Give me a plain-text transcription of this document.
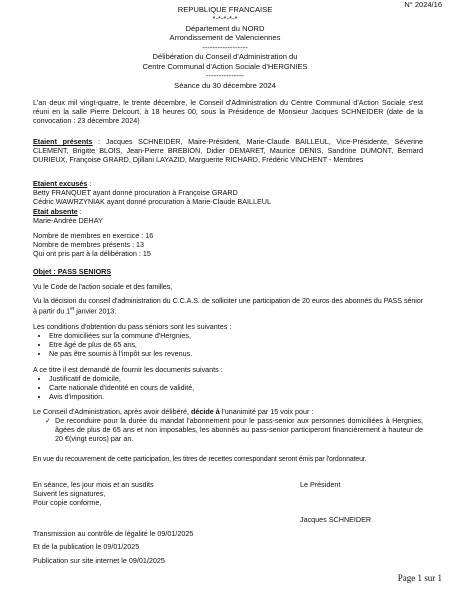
N° 2024/16
REPUBLIQUE FRANCAISE
*-*-*-*-*
Département du NORD
Arrondissement de Valenciennes
------------------
Délibération du Conseil d'Administration du
Centre Communal d'Action Sociale d'HERGNIES
---------------
Séance du 30 décembre 2024
L'an deux mil vingt-quatre, le trente décembre, le Conseil d'Administration du Centre Communal d'Action Sociale s'est réuni en la salle Pierre Delcourt, à 18 heures 00, sous la Présidence de Monsieur Jacques SCHNEIDER (date de la convocation : 23 décembre 2024)
Etaient présents : Jacques SCHNEIDER, Maire-Président, Marie-Claude BAILLEUL, Vice-Présidente, Séverine CLEMENT, Brigitte BLOIS, Jean-Pierre BREBION, Didier DEMARET, Maurice DENIS, Sandrine DUMONT, Bernard DURIEUX, Françoise GRARD, Djillani LAYAZID, Marguerite RICHARD, Frédéric VINCHENT - Membres
Etaient excusés :
Betty FRANQUET ayant donné procuration à Françoise GRARD
Cédric WAWRZYNIAK ayant donné procuration à Marie-Claude BAILLEUL
Etait absente :
Marie-Andrée DEHAY
Nombre de membres en exercice : 16
Nombre de membres présents : 13
Qui ont pris part à la délibération : 15
Objet : PASS SENIORS
Vu le Code de l'action sociale et des familles,
Vu la décision du conseil d'administration du C.C.A.S. de solliciter une participation de 20 euros des abonnés du PASS sénior à partir du 1er janvier 2013.
Les conditions d'obtention du pass séniors sont les suivantes :
• Etre domiciliées sur la commune d'Hergnies,
• Etre âgé de plus de 65 ans,
• Ne pas être soumis à l'impôt sur les revenus.
A ce titre il est demandé de fournir les documents suivants :
• Justificatif de domicile,
• Carte nationale d'identité en cours de validité,
• Avis d'imposition.
Le Conseil d'Administration, après avoir délibéré, décide à l'unanimité par 15 voix pour :
✓ De reconduire pour la durée du mandat l'abonnement pour le pass-senior aux personnes domiciliées à Hergnies, âgées de plus de 65 ans et non imposables, les abonnés au pass-senior participeront financièrement à hauteur de 20 €(vingt euros) par an.
En vue du recouvrement de cette participation, les titres de recettes correspondant seront émis par l'ordonnateur.
En séance, les jour mois et an susdits
Suivent les signatures,
Pour copie conforme,
Le Président
Jacques SCHNEIDER
Transmission au contrôle de légalité le 09/01/2025
Et de la publication le 09/01/2025
Publication sur site internet le 09/01/2025
Page 1 sur 1
